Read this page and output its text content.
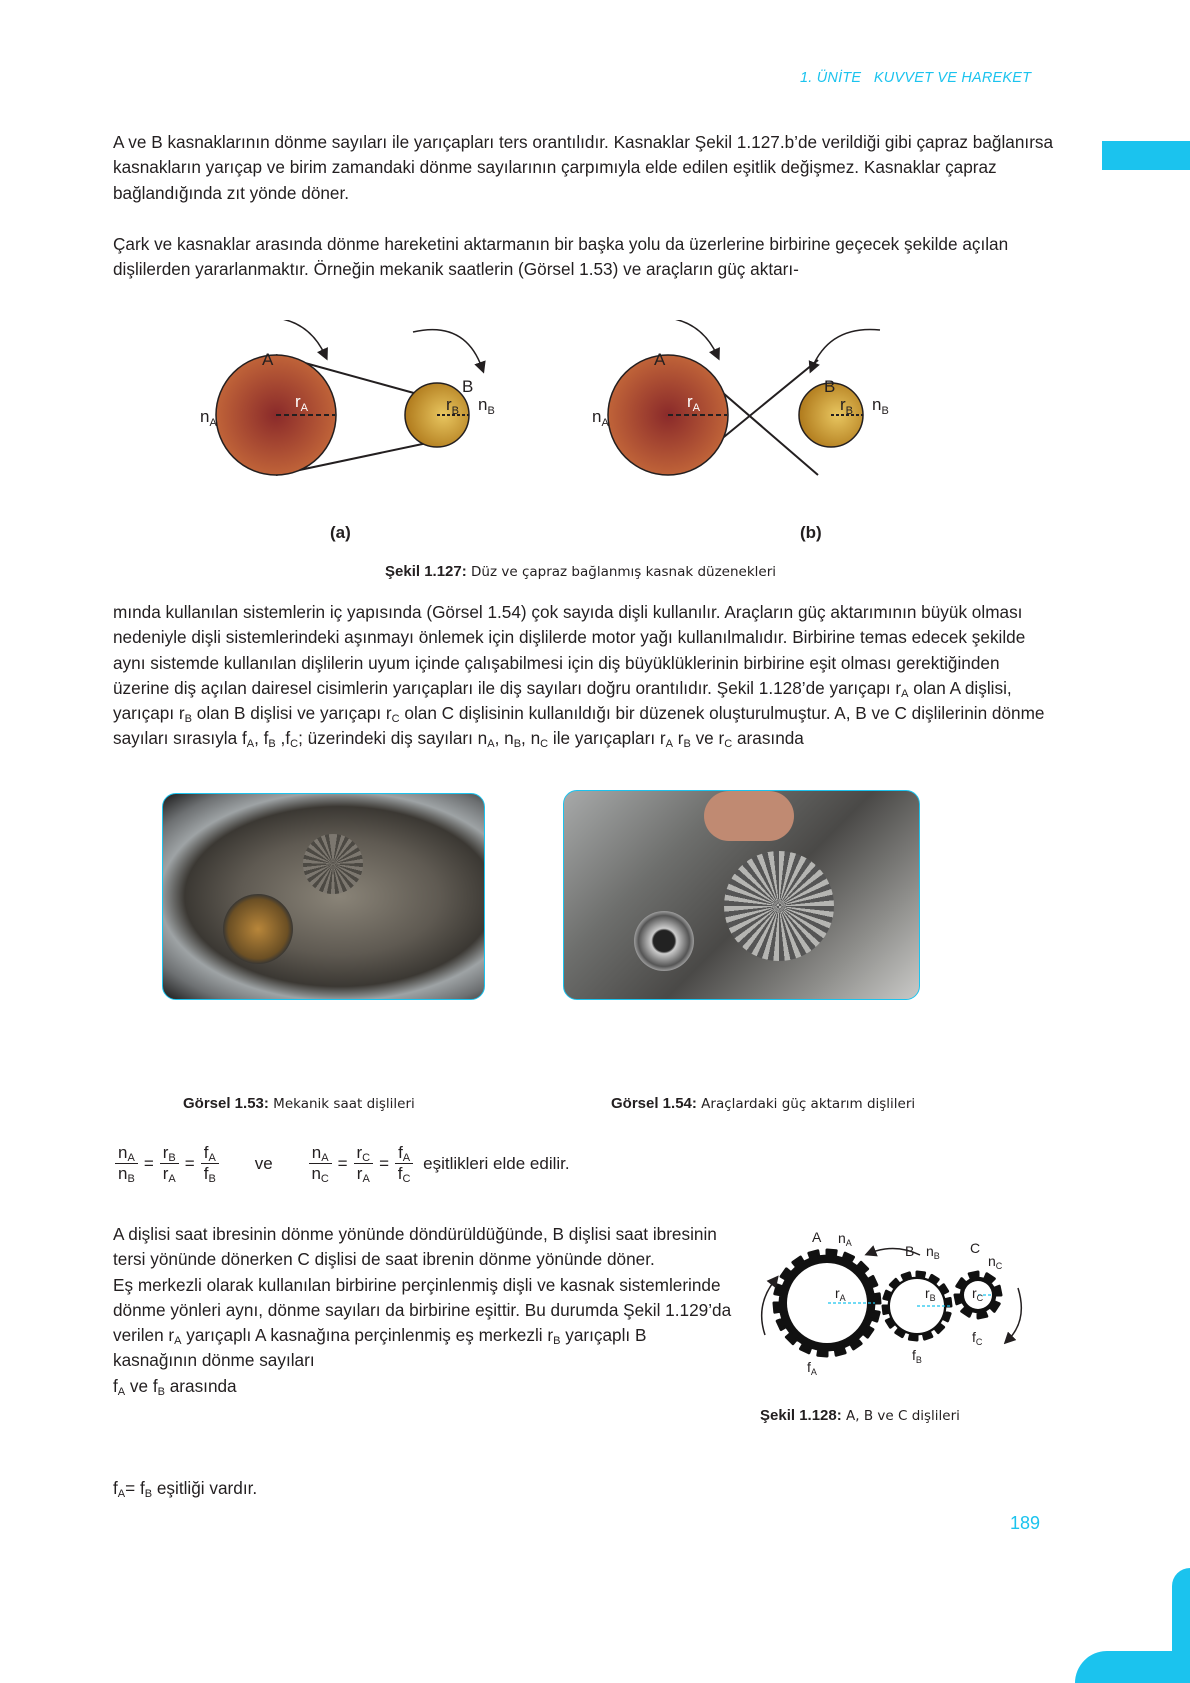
1. ÜNİTE KUVVET VE HAREKET

A ve B kasnaklarının dönme sayıları ile yarıçapları ters orantılıdır. Kasnaklar Şekil 1.127.b’de verildiği gibi çapraz bağlanırsa kasnakların yarıçap ve birim zamandaki dönme sayılarının çarpımıyla elde edilen eşitlik değişmez. Kasnaklar çapraz bağlandığında zıt yönde döner.

Çark ve kasnaklar arasında dönme hareketini aktarmanın bir başka yolu da üzerlerine birbirine geçecek şekilde açılan dişlilerden yararlanmaktır. Örneğin mekanik saatlerin (Görsel 1.53) ve araçların güç aktarı-

A
B
$n_A$
$n_B$
$r_A$	$r_B$
(a)
A
B
$n_A$
$n_B$
$r_A$	$r_B$
(b)
Şekil 1.127: Düz ve çapraz bağlanmış kasnak düzenekleri

mında kullanılan sistemlerin iç yapısında (Görsel 1.54) çok sayıda dişli kullanılır. Araçların güç aktarımının büyük olması nedeniyle dişli sistemlerindeki aşınmayı önlemek için dişlilerde motor yağı kullanılmalıdır. Birbirine temas edecek şekilde aynı sistemde kullanılan dişlilerin uyum içinde çalışabilmesi için diş büyüklüklerinin birbirine eşit olması gerektiğinden üzerine diş açılan dairesel cisimlerin yarıçapları ile diş sayıları doğru orantılıdır. Şekil 1.128’de yarıçapı $r_A$ olan A dişlisi, yarıçapı $r_B$ olan B dişlisi ve yarıçapı $r_C$ olan C dişlisinin kullanıldığı bir düzenek oluşturulmuştur. A, B ve C dişlilerinin dönme sayıları sırasıyla $f_A$, $f_B$ $,f_C$; üzerindeki diş sayıları $n_A$, $n_B$, $n_C$ ile yarıçapları $r_A$ $r_B$ ve $r_C$ arasında

Görsel 1.53: Mekanik saat dişlileri	Görsel 1.54: Araçlardaki güç aktarım dişlileri
$\frac{n_A}{n_B} = \frac{r_B}{r_A} = \frac{f_A}{f_B}$ ve $\frac{n_A}{n_C} = \frac{r_C}{r_A} = \frac{f_A}{f_C}$ eşitlikleri elde edilir.

A dişlisi saat ibresinin dönme yönünde döndürüldüğünde, B dişlisi saat ibresinin tersi yönünde dönerken C dişlisi de saat ibrenin dönme yönünde döner.

Eş merkezli olarak kullanılan birbirine perçinlenmiş dişli ve kasnak sistemlerinde dönme yönleri aynı, dönme sayıları da birbirine eşittir. Bu durumda Şekil 1.129’da verilen $r_A$ yarıçaplı A kasnağına perçinlenmiş eş merkezli $r_B$ yarıçaplı B kasnağının dönme sayıları

$f_A$ ve $f_B$ arasında

$f_A= f_B$ eşitliği vardır.

A $n_A$
$r_A$
$f_A$
B $n_B$
$r_B$
$f_B$
C
$n_C$
$r_C$
$f_C$
Şekil 1.128: A, B ve C dişlileri
189
